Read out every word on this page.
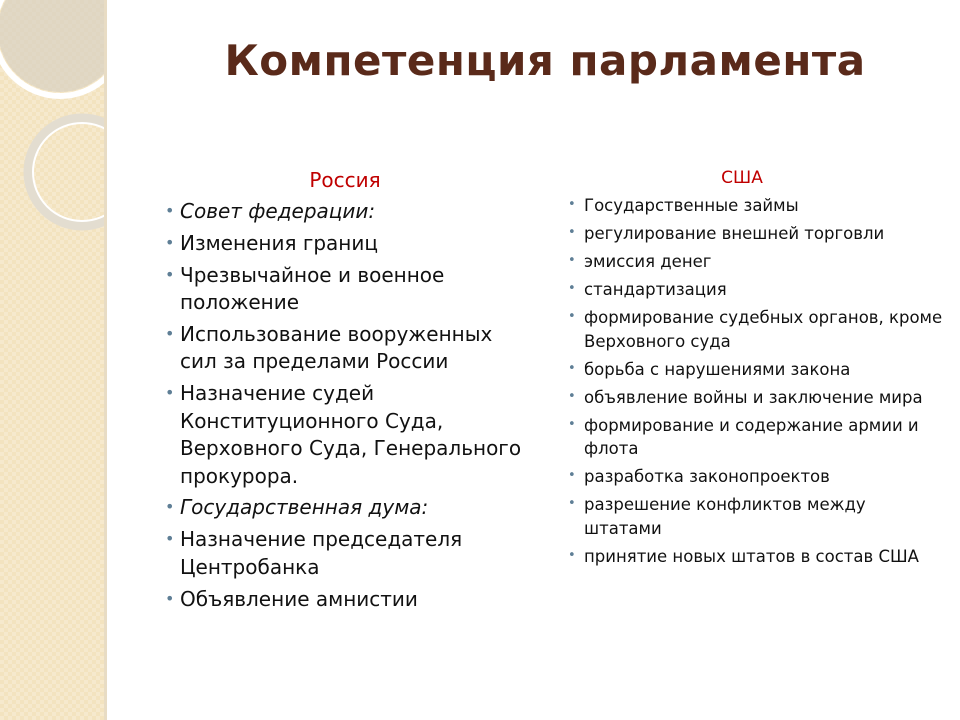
Компетенция парламента
Россия	США
• Совет федерации:
• Изменения границ
• Чрезвычайное и военное положение
• Использование вооруженных сил за пределами России
• Назначение судей Конституционного Суда, Верховного Суда, Генерального прокурора.
• Государственная дума:
• Назначение председателя Центробанка
• Объявление амнистии
• Государственные займы
• регулирование внешней торговли
• эмиссия денег
• стандартизация
• формирование судебных органов, кроме Верховного суда
• борьба с нарушениями закона
• объявление войны и заключение мира
• формирование и содержание армии и флота
• разработка законопроектов
• разрешение конфликтов между штатами
• принятие новых штатов в состав США
